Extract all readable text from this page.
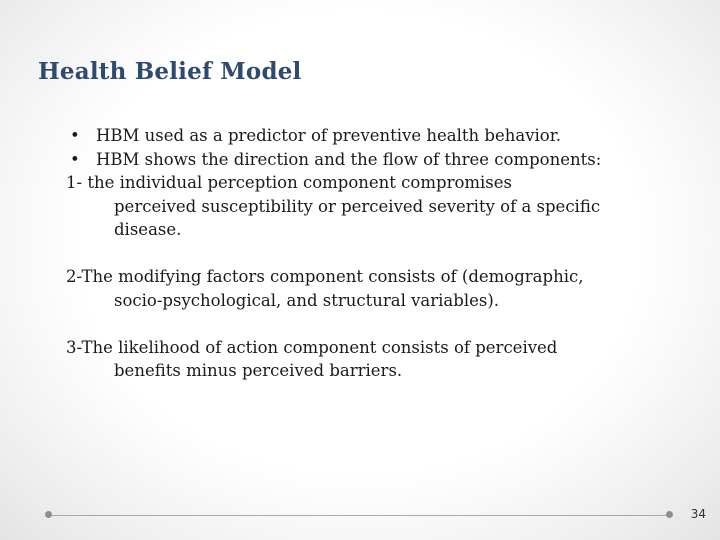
Health Belief Model
• HBM used as a predictor of preventive health behavior.
• HBM shows the direction and the flow of three components:
1- the individual perception component compromises
perceived susceptibility or perceived severity of a specific
disease.
2-The modifying factors component consists of (demographic,
socio-psychological, and structural variables).
3-The likelihood of action component consists of perceived
benefits minus perceived barriers.
34
